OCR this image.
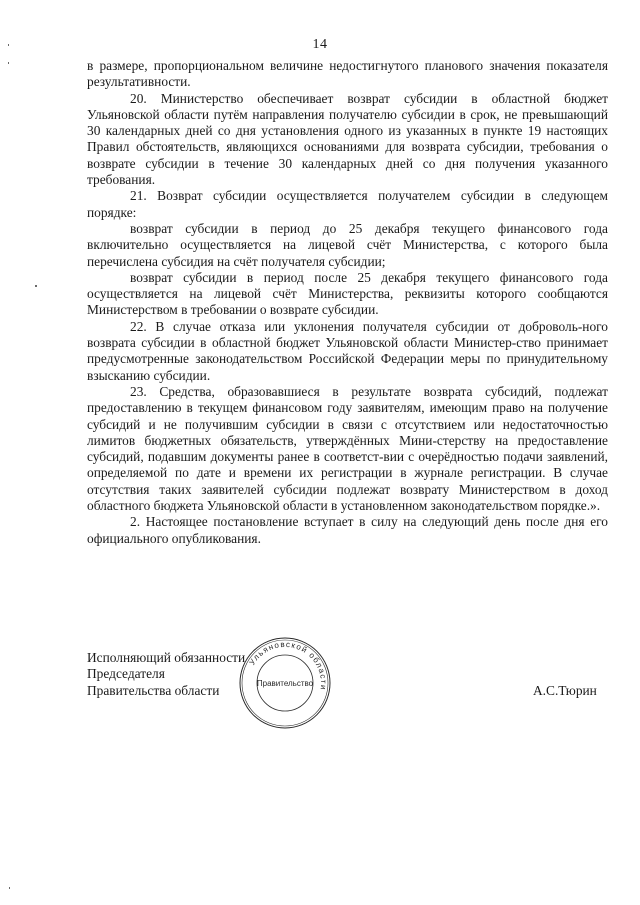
14

в размере, пропорциональном величине недостигнутого планового значения показателя результативности.

20. Министерство обеспечивает возврат субсидии в областной бюджет Ульяновской области путём направления получателю субсидии в срок, не превышающий 30 календарных дней со дня установления одного из указанных в пункте 19 настоящих Правил обстоятельств, являющихся основаниями для возврата субсидии, требования о возврате субсидии в течение 30 календарных дней со дня получения указанного требования.

21. Возврат субсидии осуществляется получателем субсидии в следующем порядке:

возврат субсидии в период до 25 декабря текущего финансового года включительно осуществляется на лицевой счёт Министерства, с которого была перечислена субсидия на счёт получателя субсидии;

возврат субсидии в период после 25 декабря текущего финансового года осуществляется на лицевой счёт Министерства, реквизиты которого сообщаются Министерством в требовании о возврате субсидии.

22. В случае отказа или уклонения получателя субсидии от доброволь-ного возврата субсидии в областной бюджет Ульяновской области Министер-ство принимает предусмотренные законодательством Российской Федерации меры по принудительному взысканию субсидии.

23. Средства, образовавшиеся в результате возврата субсидий, подлежат предоставлению в текущем финансовом году заявителям, имеющим право на получение субсидий и не получившим субсидии в связи с отсутствием или недостаточностью лимитов бюджетных обязательств, утверждённых Мини-стерству на предоставление субсидий, подавшим документы ранее в соответст-вии с очерёдностью подачи заявлений, определяемой по дате и времени их регистрации в журнале регистрации. В случае отсутствия таких заявителей субсидии подлежат возврату Министерством в доход областного бюджета Ульяновской области в установленном законодательством порядке.».

2. Настоящее постановление вступает в силу на следующий день после дня его официального опубликования.

Ульяновской области
Правительство
Исполняющий обязанности
Председателя
Правительства области	А.С.Тюрин
